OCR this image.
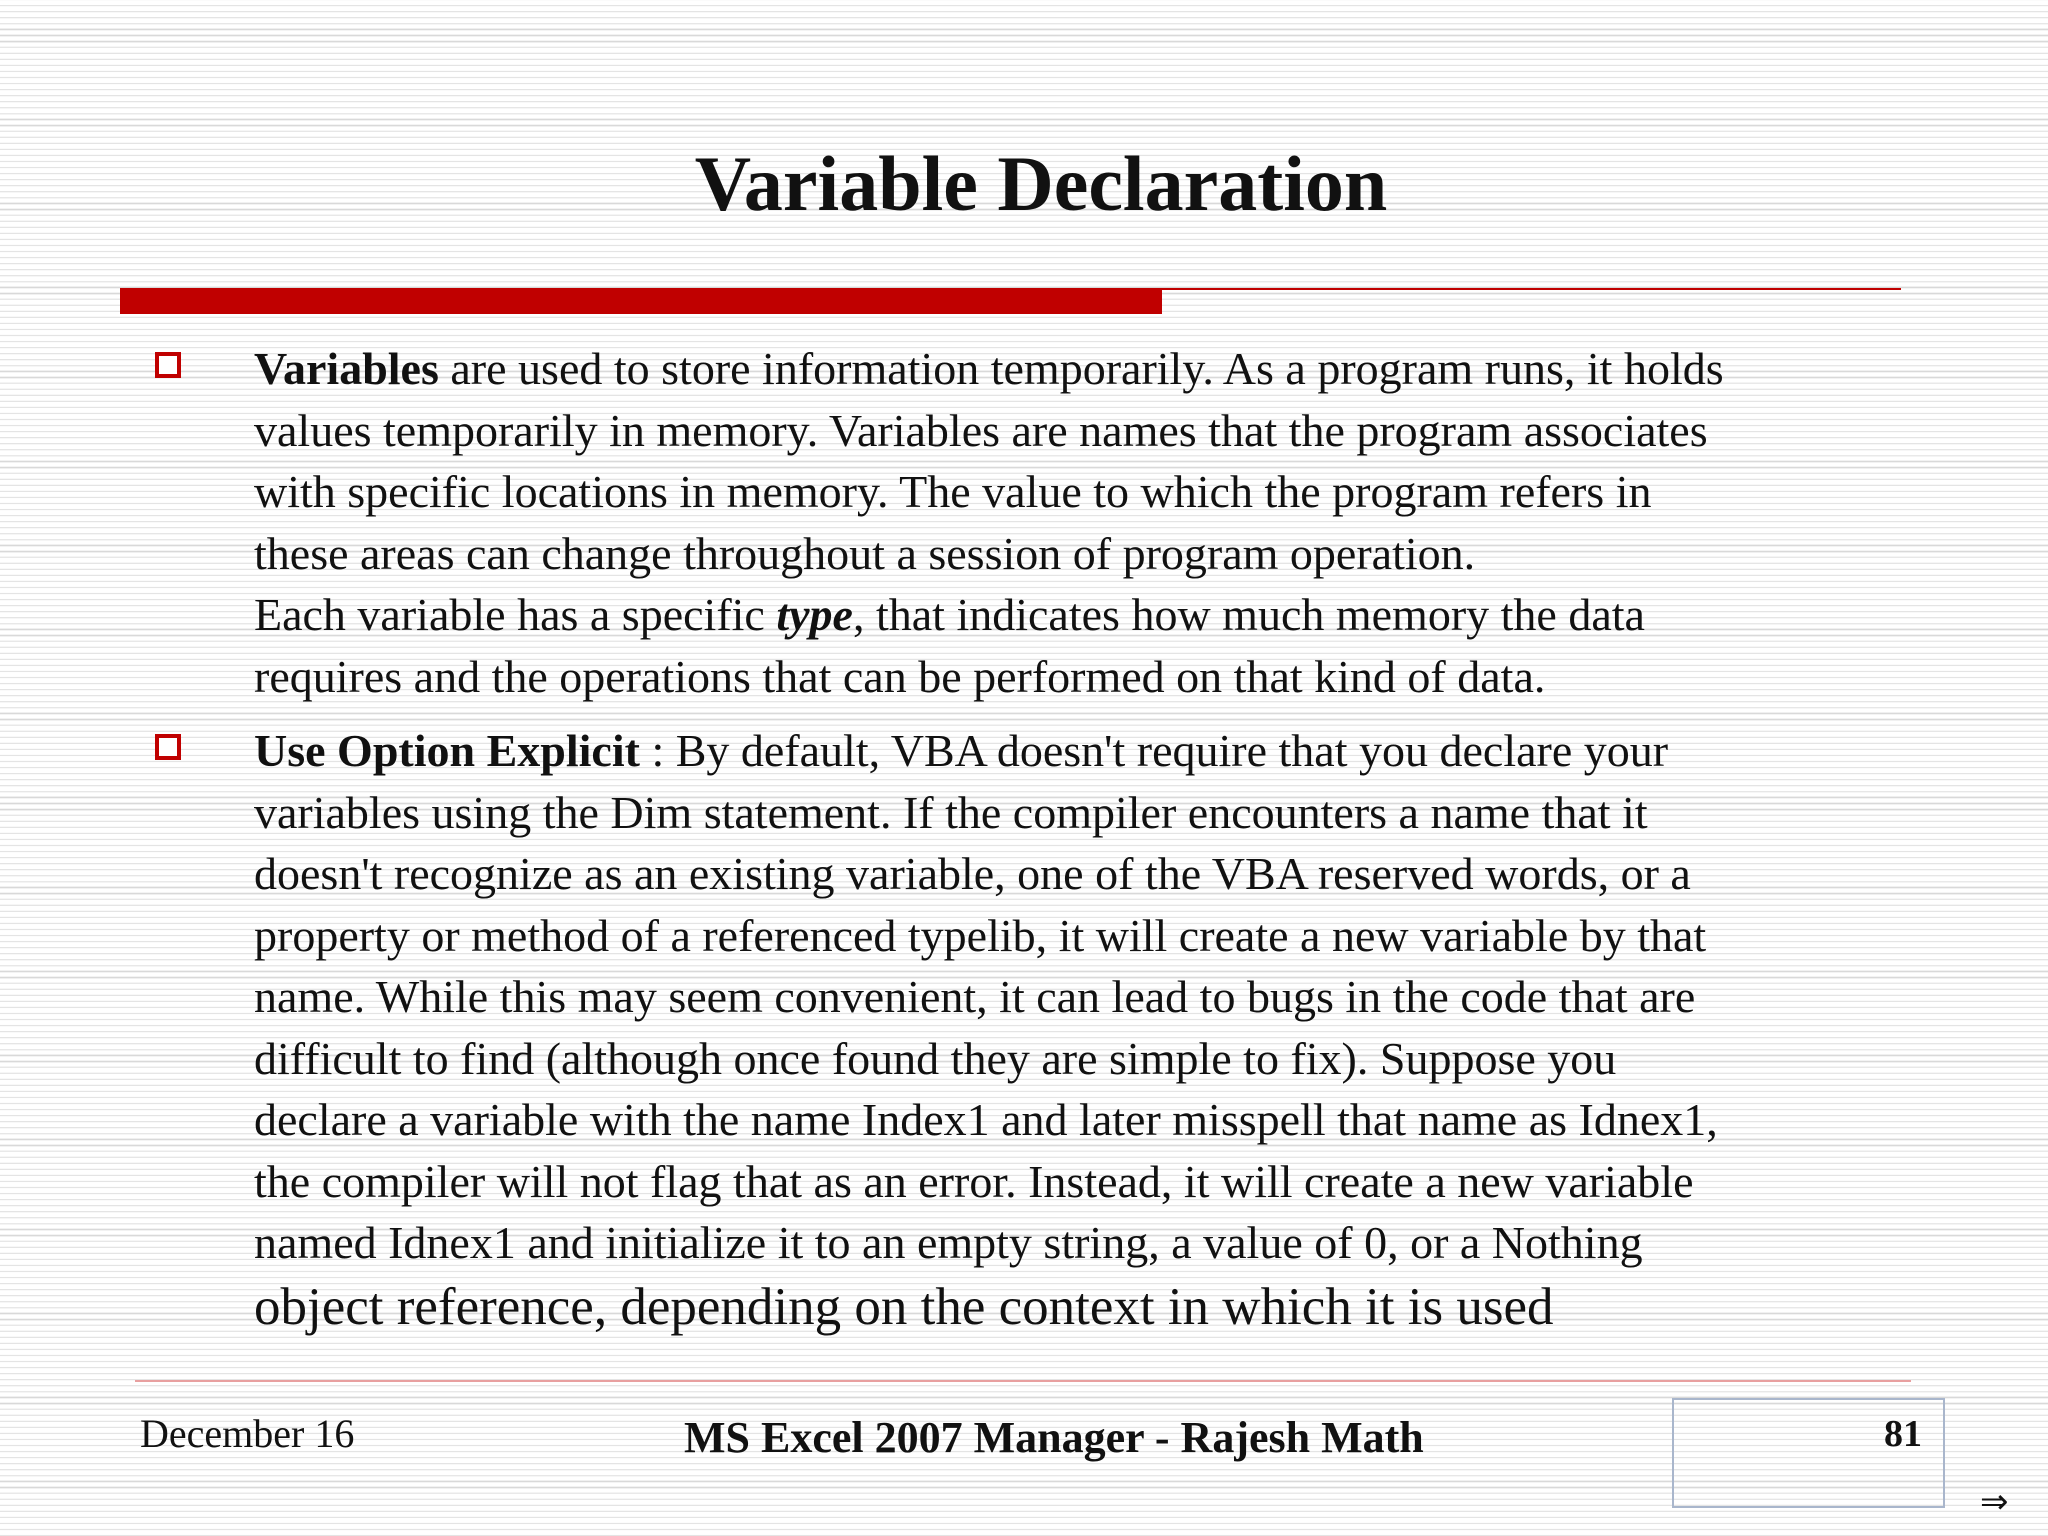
Variable Declaration
Variables are used to store information temporarily. As a program runs, it holds
values temporarily in memory. Variables are names that the program associates
with specific locations in memory. The value to which the program refers in
these areas can change throughout a session of program operation.
Each variable has a specific type, that indicates how much memory the data
requires and the operations that can be performed on that kind of data.
Use Option Explicit : By default, VBA doesn't require that you declare your
variables using the Dim statement. If the compiler encounters a name that it
doesn't recognize as an existing variable, one of the VBA reserved words, or a
property or method of a referenced typelib, it will create a new variable by that
name. While this may seem convenient, it can lead to bugs in the code that are
difficult to find (although once found they are simple to fix). Suppose you
declare a variable with the name Index1 and later misspell that name as Idnex1,
the compiler will not flag that as an error. Instead, it will create a new variable
named Idnex1 and initialize it to an empty string, a value of 0, or a Nothing
object reference, depending on the context in which it is used
December 16	MS Excel 2007 Manager - Rajesh Math	81
⇒
